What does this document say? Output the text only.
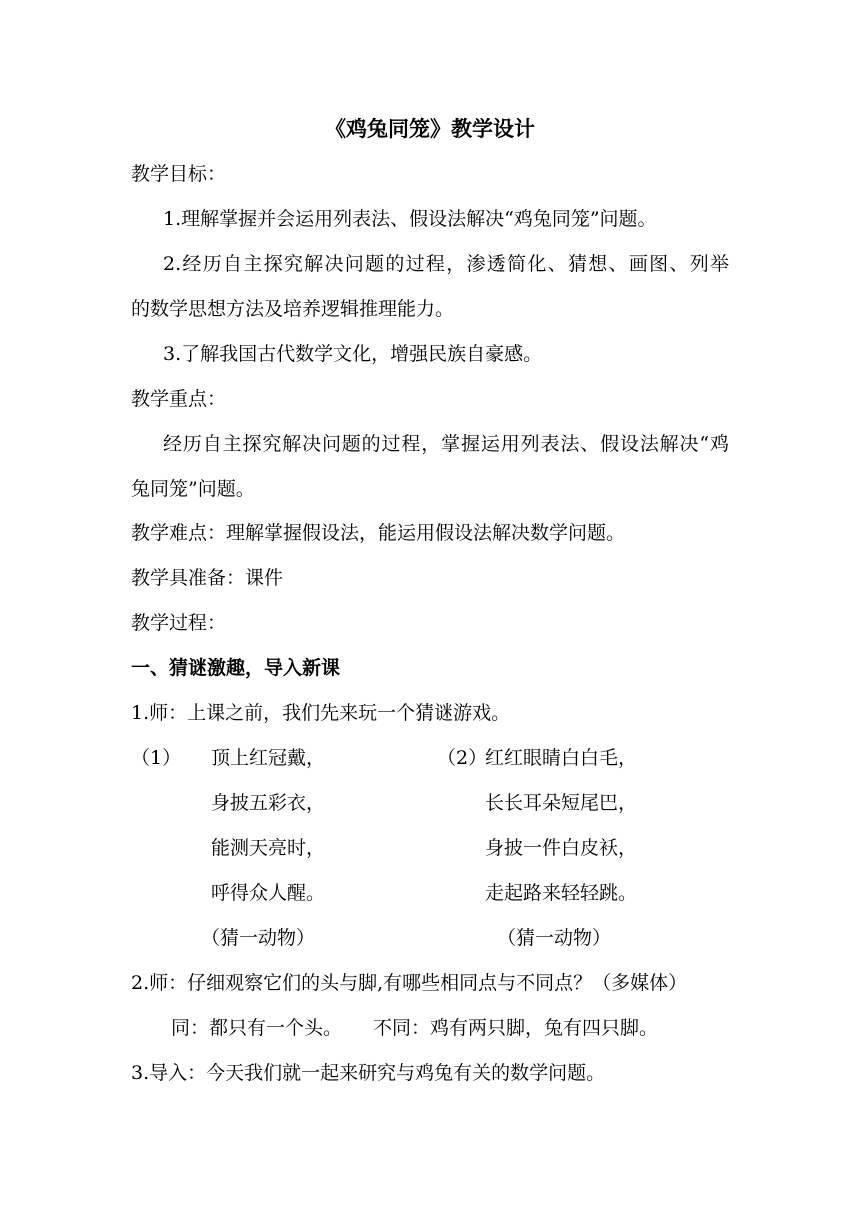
《鸡兔同笼》教学设计
教学目标：
1.理解掌握并会运用列表法、假设法解决“鸡兔同笼”问题。
2.经历自主探究解决问题的过程，渗透简化、猜想、画图、列举
的数学思想方法及培养逻辑推理能力。
3.了解我国古代数学文化，增强民族自豪感。
教学重点：
经历自主探究解决问题的过程，掌握运用列表法、假设法解决“鸡
兔同笼”问题。
教学难点：理解掌握假设法，能运用假设法解决数学问题。
教学具准备：课件
教学过程：
一、猜谜激趣，导入新课
1.师：上课之前，我们先来玩一个猜谜游戏。
（1） 顶上红冠戴，
身披五彩衣，
能测天亮时，
呼得众人醒。
（猜一动物）
（2）
红红眼睛白白毛，
长长耳朵短尾巴，
身披一件白皮袄，
走起路来轻轻跳。
（猜一动物）
2.师：仔细观察它们的头与脚,有哪些相同点与不同点？（多媒体）
同：都只有一个头。 不同：鸡有两只脚，兔有四只脚。
3.导入：今天我们就一起来研究与鸡兔有关的数学问题。
